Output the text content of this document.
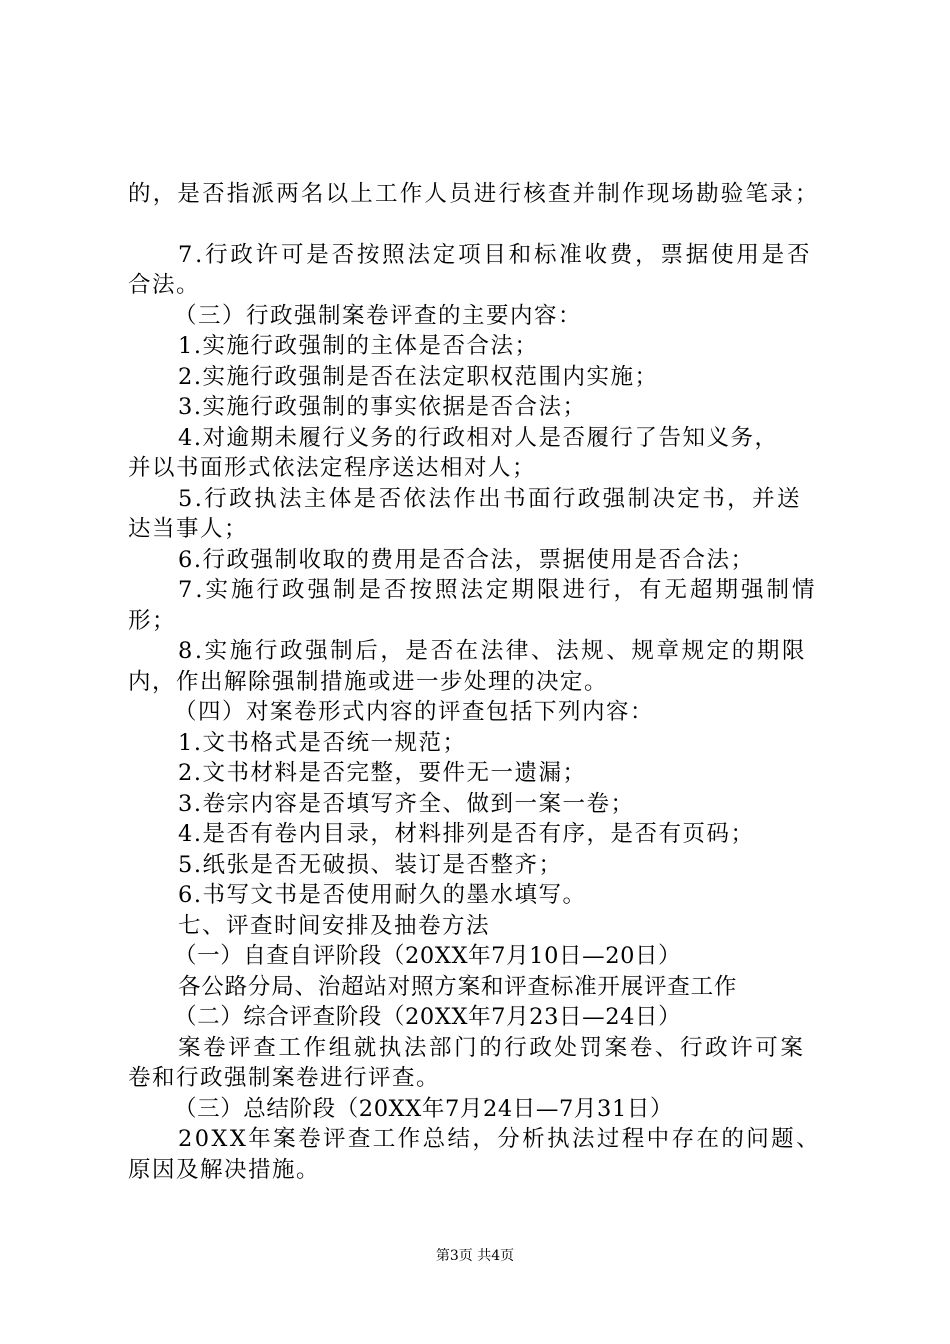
的，是否指派两名以上工作人员进行核查并制作现场勘验笔录；
7.行政许可是否按照法定项目和标准收费，票据使用是否
合法。
（三）行政强制案卷评查的主要内容：
1.实施行政强制的主体是否合法；
2.实施行政强制是否在法定职权范围内实施；
3.实施行政强制的事实依据是否合法；
4.对逾期未履行义务的行政相对人是否履行了告知义务，
并以书面形式依法定程序送达相对人；
5.行政执法主体是否依法作出书面行政强制决定书，并送
达当事人；
6.行政强制收取的费用是否合法，票据使用是否合法；
7.实施行政强制是否按照法定期限进行，有无超期强制情
形；
8.实施行政强制后，是否在法律、法规、规章规定的期限
内，作出解除强制措施或进一步处理的决定。
（四）对案卷形式内容的评查包括下列内容：
1.文书格式是否统一规范；
2.文书材料是否完整，要件无一遗漏；
3.卷宗内容是否填写齐全、做到一案一卷；
4.是否有卷内目录，材料排列是否有序，是否有页码；
5.纸张是否无破损、装订是否整齐；
6.书写文书是否使用耐久的墨水填写。
七、评查时间安排及抽卷方法
（一）自查自评阶段（20XX年7月10日—20日）
各公路分局、治超站对照方案和评查标准开展评查工作
（二）综合评查阶段（20XX年7月23日—24日）
案卷评查工作组就执法部门的行政处罚案卷、行政许可案
卷和行政强制案卷进行评查。
（三）总结阶段（20XX年7月24日—7月31日）
20XX年案卷评查工作总结，分析执法过程中存在的问题、
原因及解决措施。
第3页 共4页
